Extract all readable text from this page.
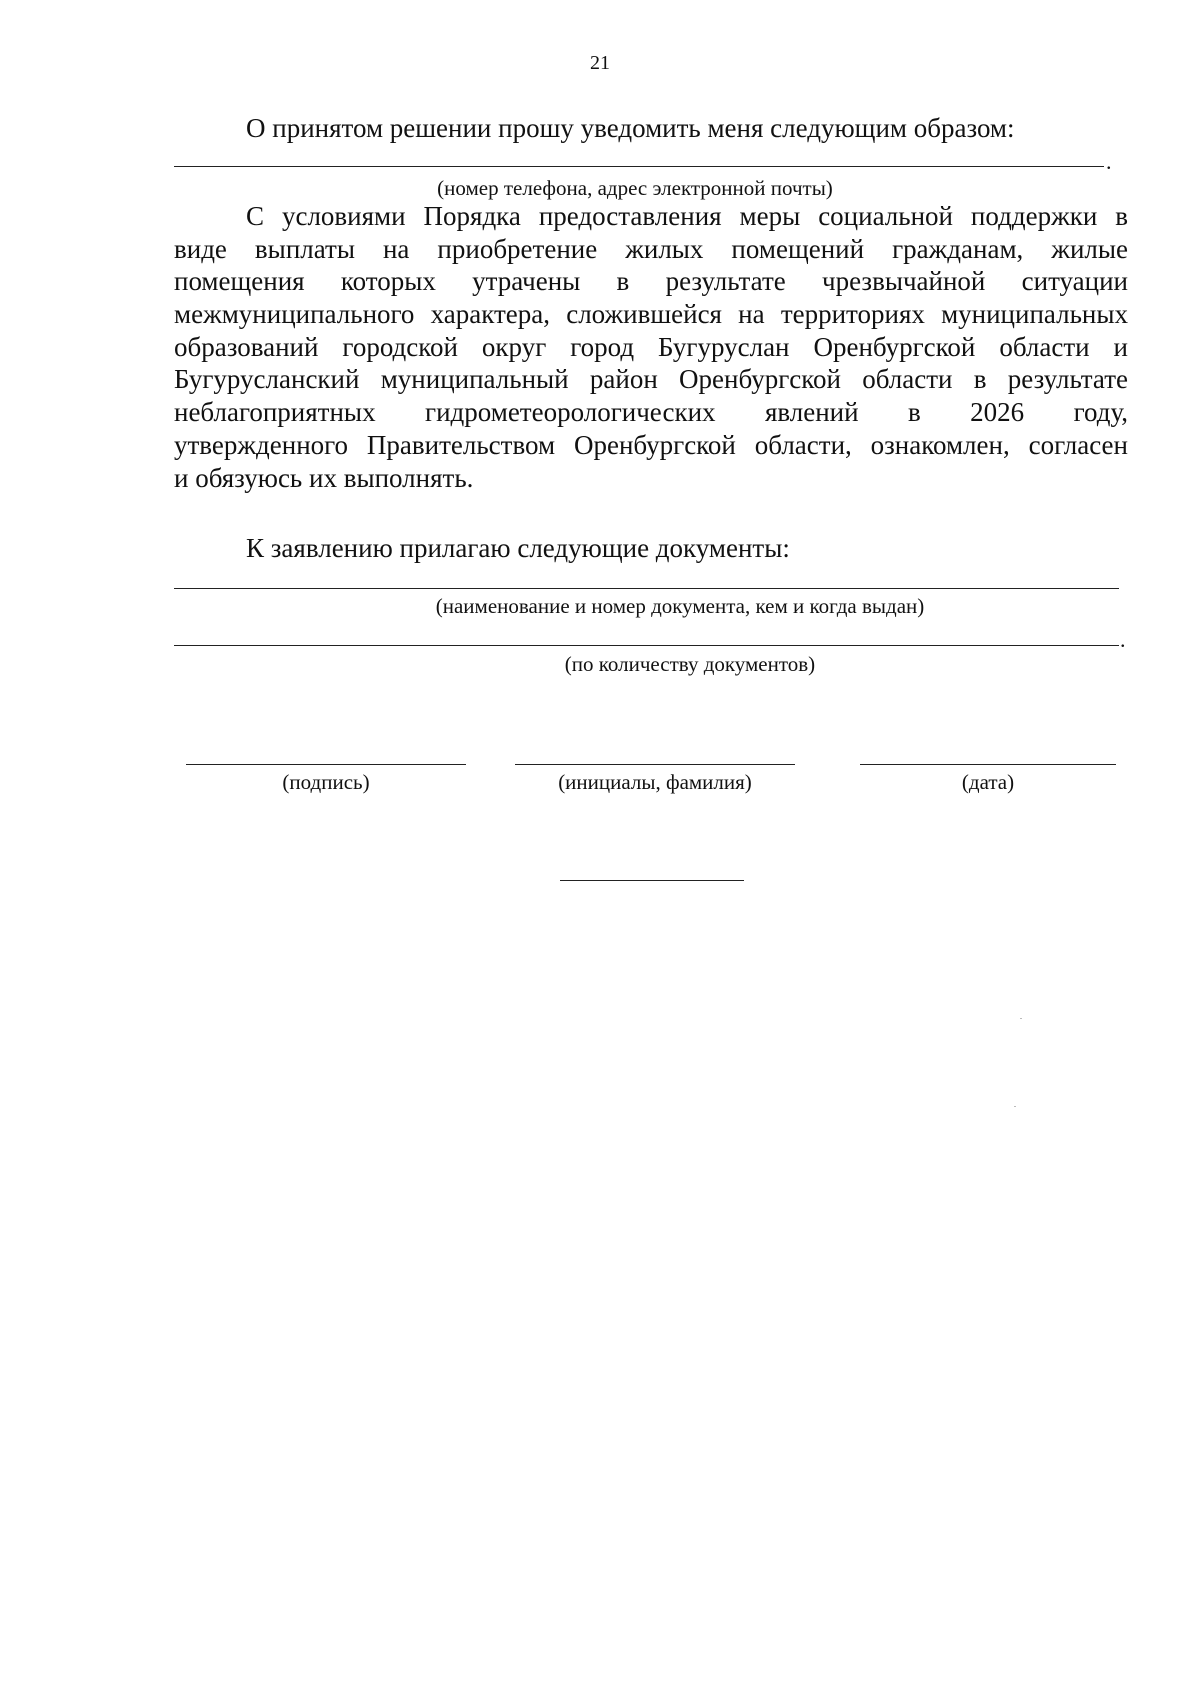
21
О принятом решении прошу уведомить меня следующим образом:
.
(номер телефона, адрес электронной почты)
С условиями Порядка предоставления меры социальной поддержки в
виде выплаты на приобретение жилых помещений гражданам, жилые
помещения которых утрачены в результате чрезвычайной ситуации
межмуниципального характера, сложившейся на территориях муниципальных
образований городской округ город Бугуруслан Оренбургской области и
Бугурусланский муниципальный район Оренбургской области в результате
неблагоприятных гидрометеорологических явлений в 2026 году,
утвержденного Правительством Оренбургской области, ознакомлен, согласен
и обязуюсь их выполнять.
К заявлению прилагаю следующие документы:
(наименование и номер документа, кем и когда выдан)
.
(по количеству документов)
(подпись)	(инициалы, фамилия)	(дата)
